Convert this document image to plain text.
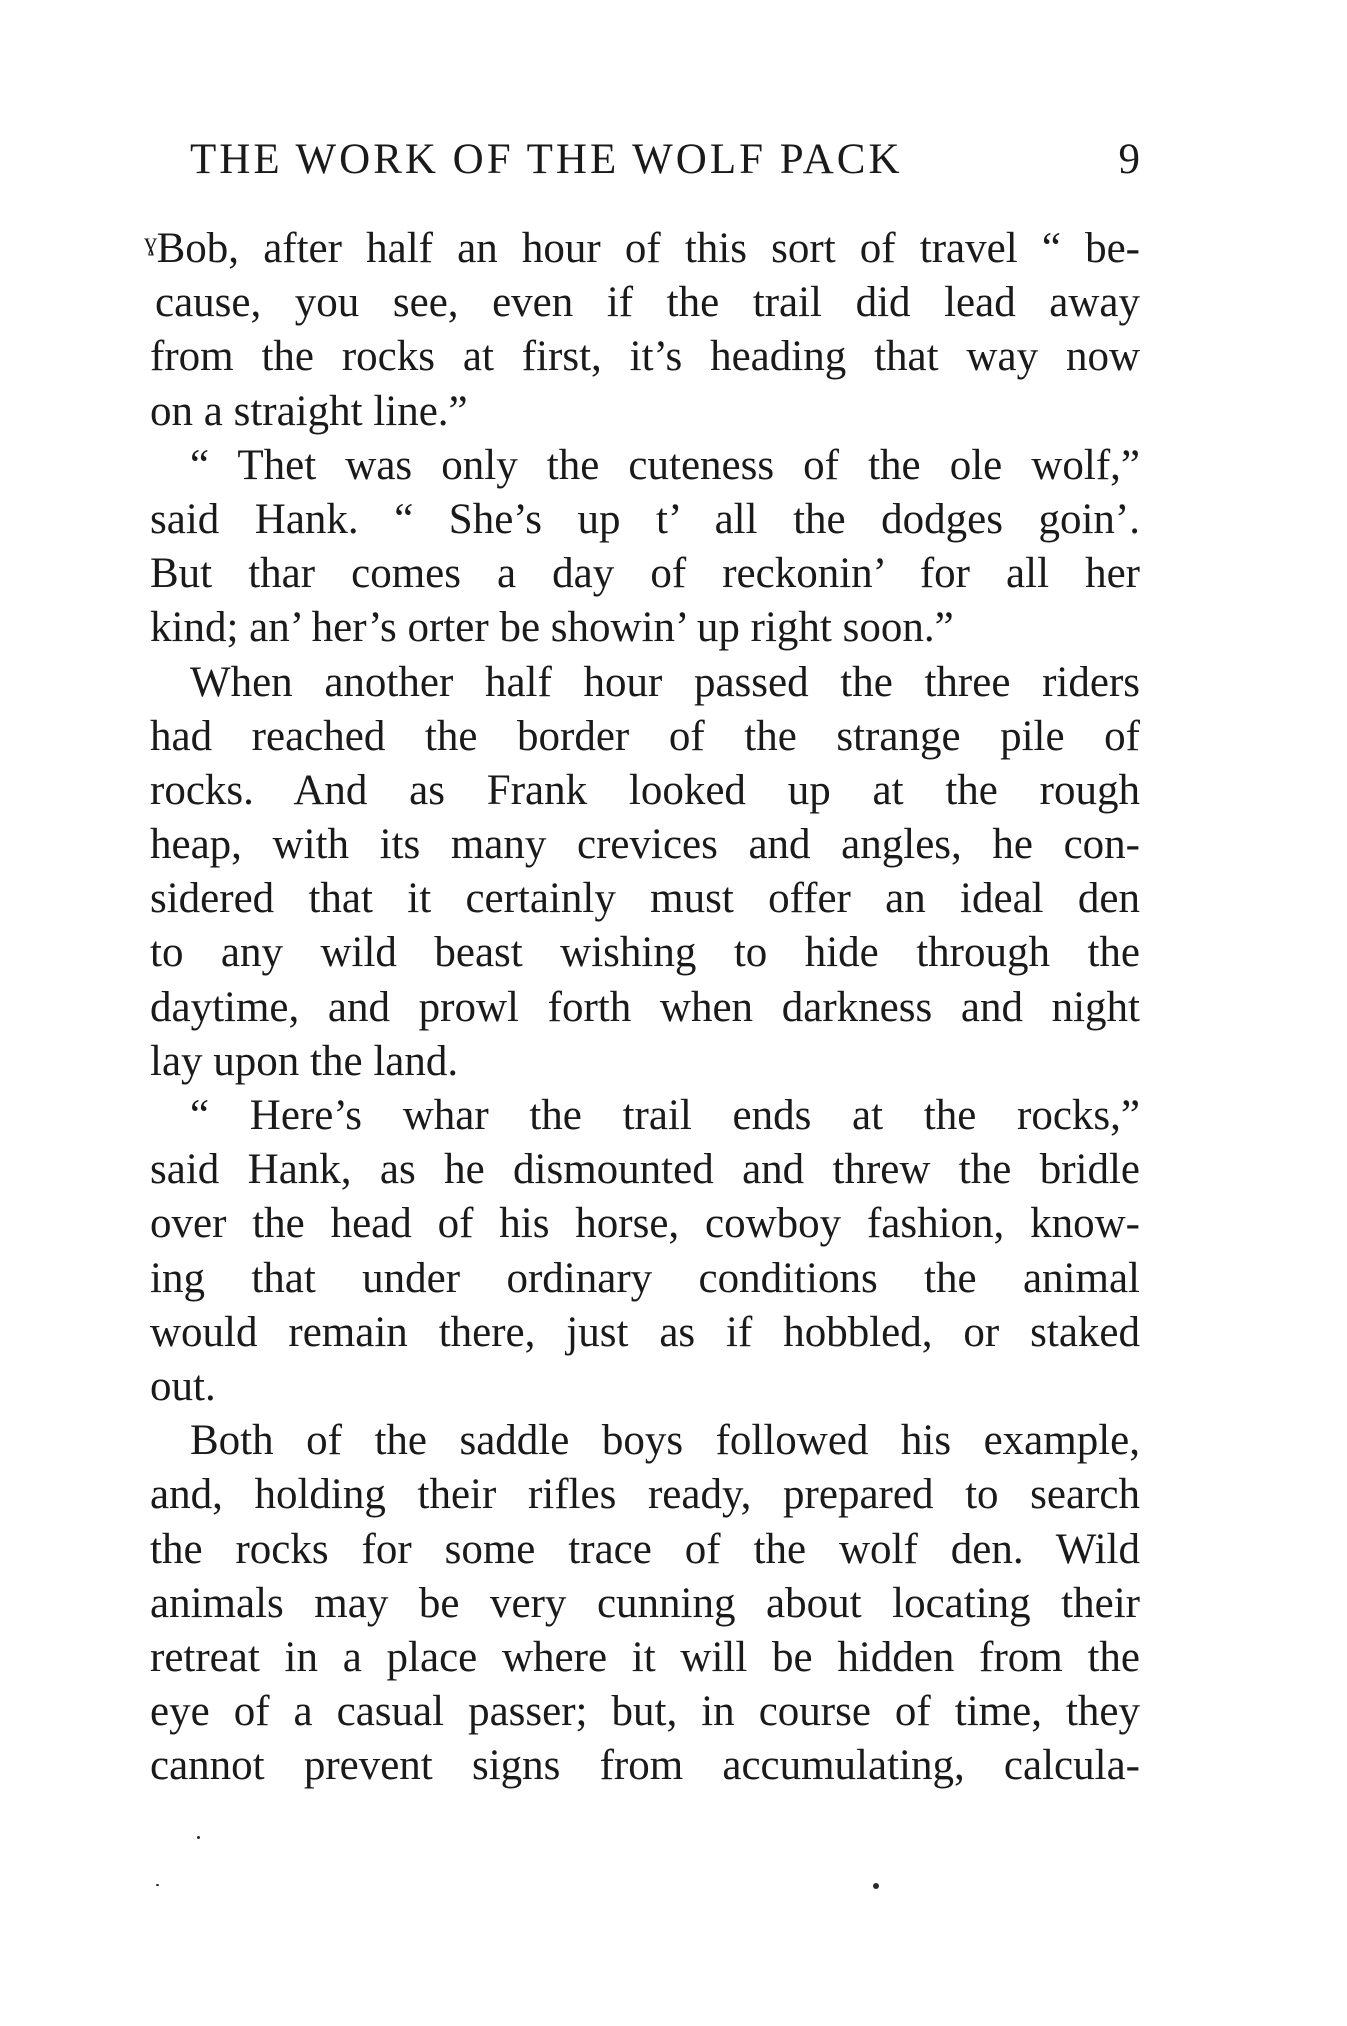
THE WORK OF THE WOLF PACK	9
ˠBob, after half an hour of this sort of travel “ be-
cause, you see, even if the trail did lead away
from the rocks at first, it’s heading that way now
on a straight line.”
“ Thet was only the cuteness of the ole wolf,”
said Hank. “ She’s up t’ all the dodges goin’.
But thar comes a day of reckonin’ for all her
kind; an’ her’s orter be showin’ up right soon.”
When another half hour passed the three riders
had reached the border of the strange pile of
rocks. And as Frank looked up at the rough
heap, with its many crevices and angles, he con-
sidered that it certainly must offer an ideal den
to any wild beast wishing to hide through the
daytime, and prowl forth when darkness and night
lay upon the land.
“ Here’s whar the trail ends at the rocks,”
said Hank, as he dismounted and threw the bridle
over the head of his horse, cowboy fashion, know-
ing that under ordinary conditions the animal
would remain there, just as if hobbled, or staked
out.
Both of the saddle boys followed his example,
and, holding their rifles ready, prepared to search
the rocks for some trace of the wolf den. Wild
animals may be very cunning about locating their
retreat in a place where it will be hidden from the
eye of a casual passer; but, in course of time, they
cannot prevent signs from accumulating, calcula-
